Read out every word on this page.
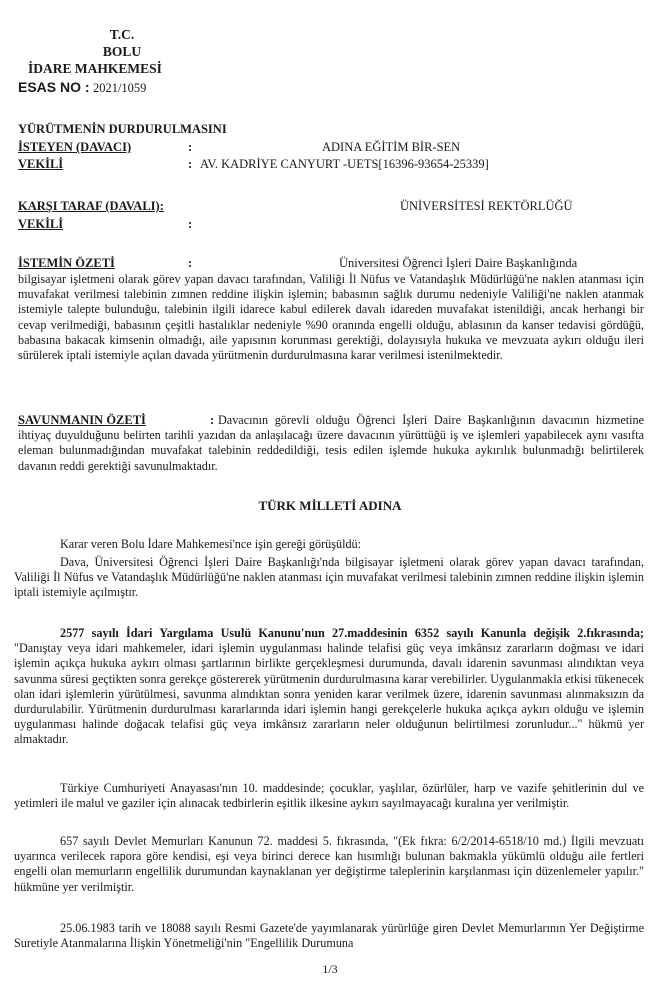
T.C.
BOLU
İDARE MAHKEMESİ
ESAS NO : 2021/1059
YÜRÜTMENİN DURDURULMASINI
İSTEYEN (DAVACI)	:	ADINA EĞİTİM BİR-SEN
VEKİLİ	: AV. KADRİYE CANYURT -UETS[16396-93654-25339]
KARŞI TARAF (DAVALI):	ÜNİVERSİTESİ REKTÖRLÜĞÜ
VEKİLİ	:
İSTEMİN ÖZETİ	:	Üniversitesi Öğrenci İşleri Daire Başkanlığında
bilgisayar işletmeni olarak görev yapan davacı tarafından, Valiliği İl Nüfus ve Vatandaşlık Müdürlüğü'ne naklen atanması için muvafakat verilmesi talebinin zımnen reddine ilişkin işlemin; babasının sağlık durumu nedeniyle Valiliği'ne naklen atanmak istemiyle talepte bulunduğu, talebinin ilgili idarece kabul edilerek davalı idareden muvafakat istenildiği, ancak herhangi bir cevap verilmediği, babasının çeşitli hastalıklar nedeniyle %90 oranında engelli olduğu, ablasının da kanser tedavisi gördüğü, babasına bakacak kimsenin olmadığı, aile yapısının korunması gerektiği, dolayısıyla hukuka ve mevzuata aykırı olduğu ileri sürülerek iptali istemiyle açılan davada yürütmenin durdurulmasına karar verilmesi istenilmektedir.
SAVUNMANIN ÖZETİ	: Davacının görevli olduğu Öğrenci İşleri Daire Başkanlığının davacının hizmetine ihtiyaç duyulduğunu belirten tarihli yazıdan da anlaşılacağı üzere davacının yürüttüğü iş ve işlemleri yapabilecek aynı vasıfta eleman bulunmadığından muvafakat talebinin reddedildiği, tesis edilen işlemde hukuka aykırılık bulunmadığı belirtilerek davanın reddi gerektiği savunulmaktadır.
TÜRK MİLLETİ ADINA
Karar veren Bolu İdare Mahkemesi'nce işin gereği görüşüldü:
Dava, Üniversitesi Öğrenci İşleri Daire Başkanlığı'nda bilgisayar işletmeni olarak görev yapan davacı tarafından, Valiliği İl Nüfus ve Vatandaşlık Müdürlüğü'ne naklen atanması için muvafakat verilmesi talebinin zımnen reddine ilişkin işlemin iptali istemiyle açılmıştır.
2577 sayılı İdari Yargılama Usulü Kanunu'nun 27.maddesinin 6352 sayılı Kanunla değişik 2.fıkrasında; "Danıştay veya idari mahkemeler, idari işlemin uygulanması halinde telafisi güç veya imkânsız zararların doğması ve idari işlemin açıkça hukuka aykırı olması şartlarının birlikte gerçekleşmesi durumunda, davalı idarenin savunması alındıktan veya savunma süresi geçtikten sonra gerekçe göstererek yürütmenin durdurulmasına karar verebilirler. Uygulanmakla etkisi tükenecek olan idari işlemlerin yürütülmesi, savunma alındıktan sonra yeniden karar verilmek üzere, idarenin savunması alınmaksızın da durdurulabilir. Yürütmenin durdurulması kararlarında idari işlemin hangi gerekçelerle hukuka açıkça aykırı olduğu ve işlemin uygulanması halinde doğacak telafisi güç veya imkânsız zararların neler olduğunun belirtilmesi zorunludur..." hükmü yer almaktadır.
Türkiye Cumhuriyeti Anayasası'nın 10. maddesinde; çocuklar, yaşlılar, özürlüler, harp ve vazife şehitlerinin dul ve yetimleri ile malul ve gaziler için alınacak tedbirlerin eşitlik ilkesine aykırı sayılmayacağı kuralına yer verilmiştir.
657 sayılı Devlet Memurları Kanunun 72. maddesi 5. fıkrasında, "(Ek fıkra: 6/2/2014-6518/10 md.) İlgili mevzuatı uyarınca verilecek rapora göre kendisi, eşi veya birinci derece kan hısımlığı bulunan bakmakla yükümlü olduğu aile fertleri engelli olan memurların engellilik durumundan kaynaklanan yer değiştirme taleplerinin karşılanması için düzenlemeler yapılır." hükmüne yer verilmiştir.
25.06.1983 tarih ve 18088 sayılı Resmi Gazete'de yayımlanarak yürürlüğe giren Devlet Memurlarının Yer Değiştirme Suretiyle Atanmalarına İlişkin Yönetmeliği'nin "Engellilik Durumuna
1/3
